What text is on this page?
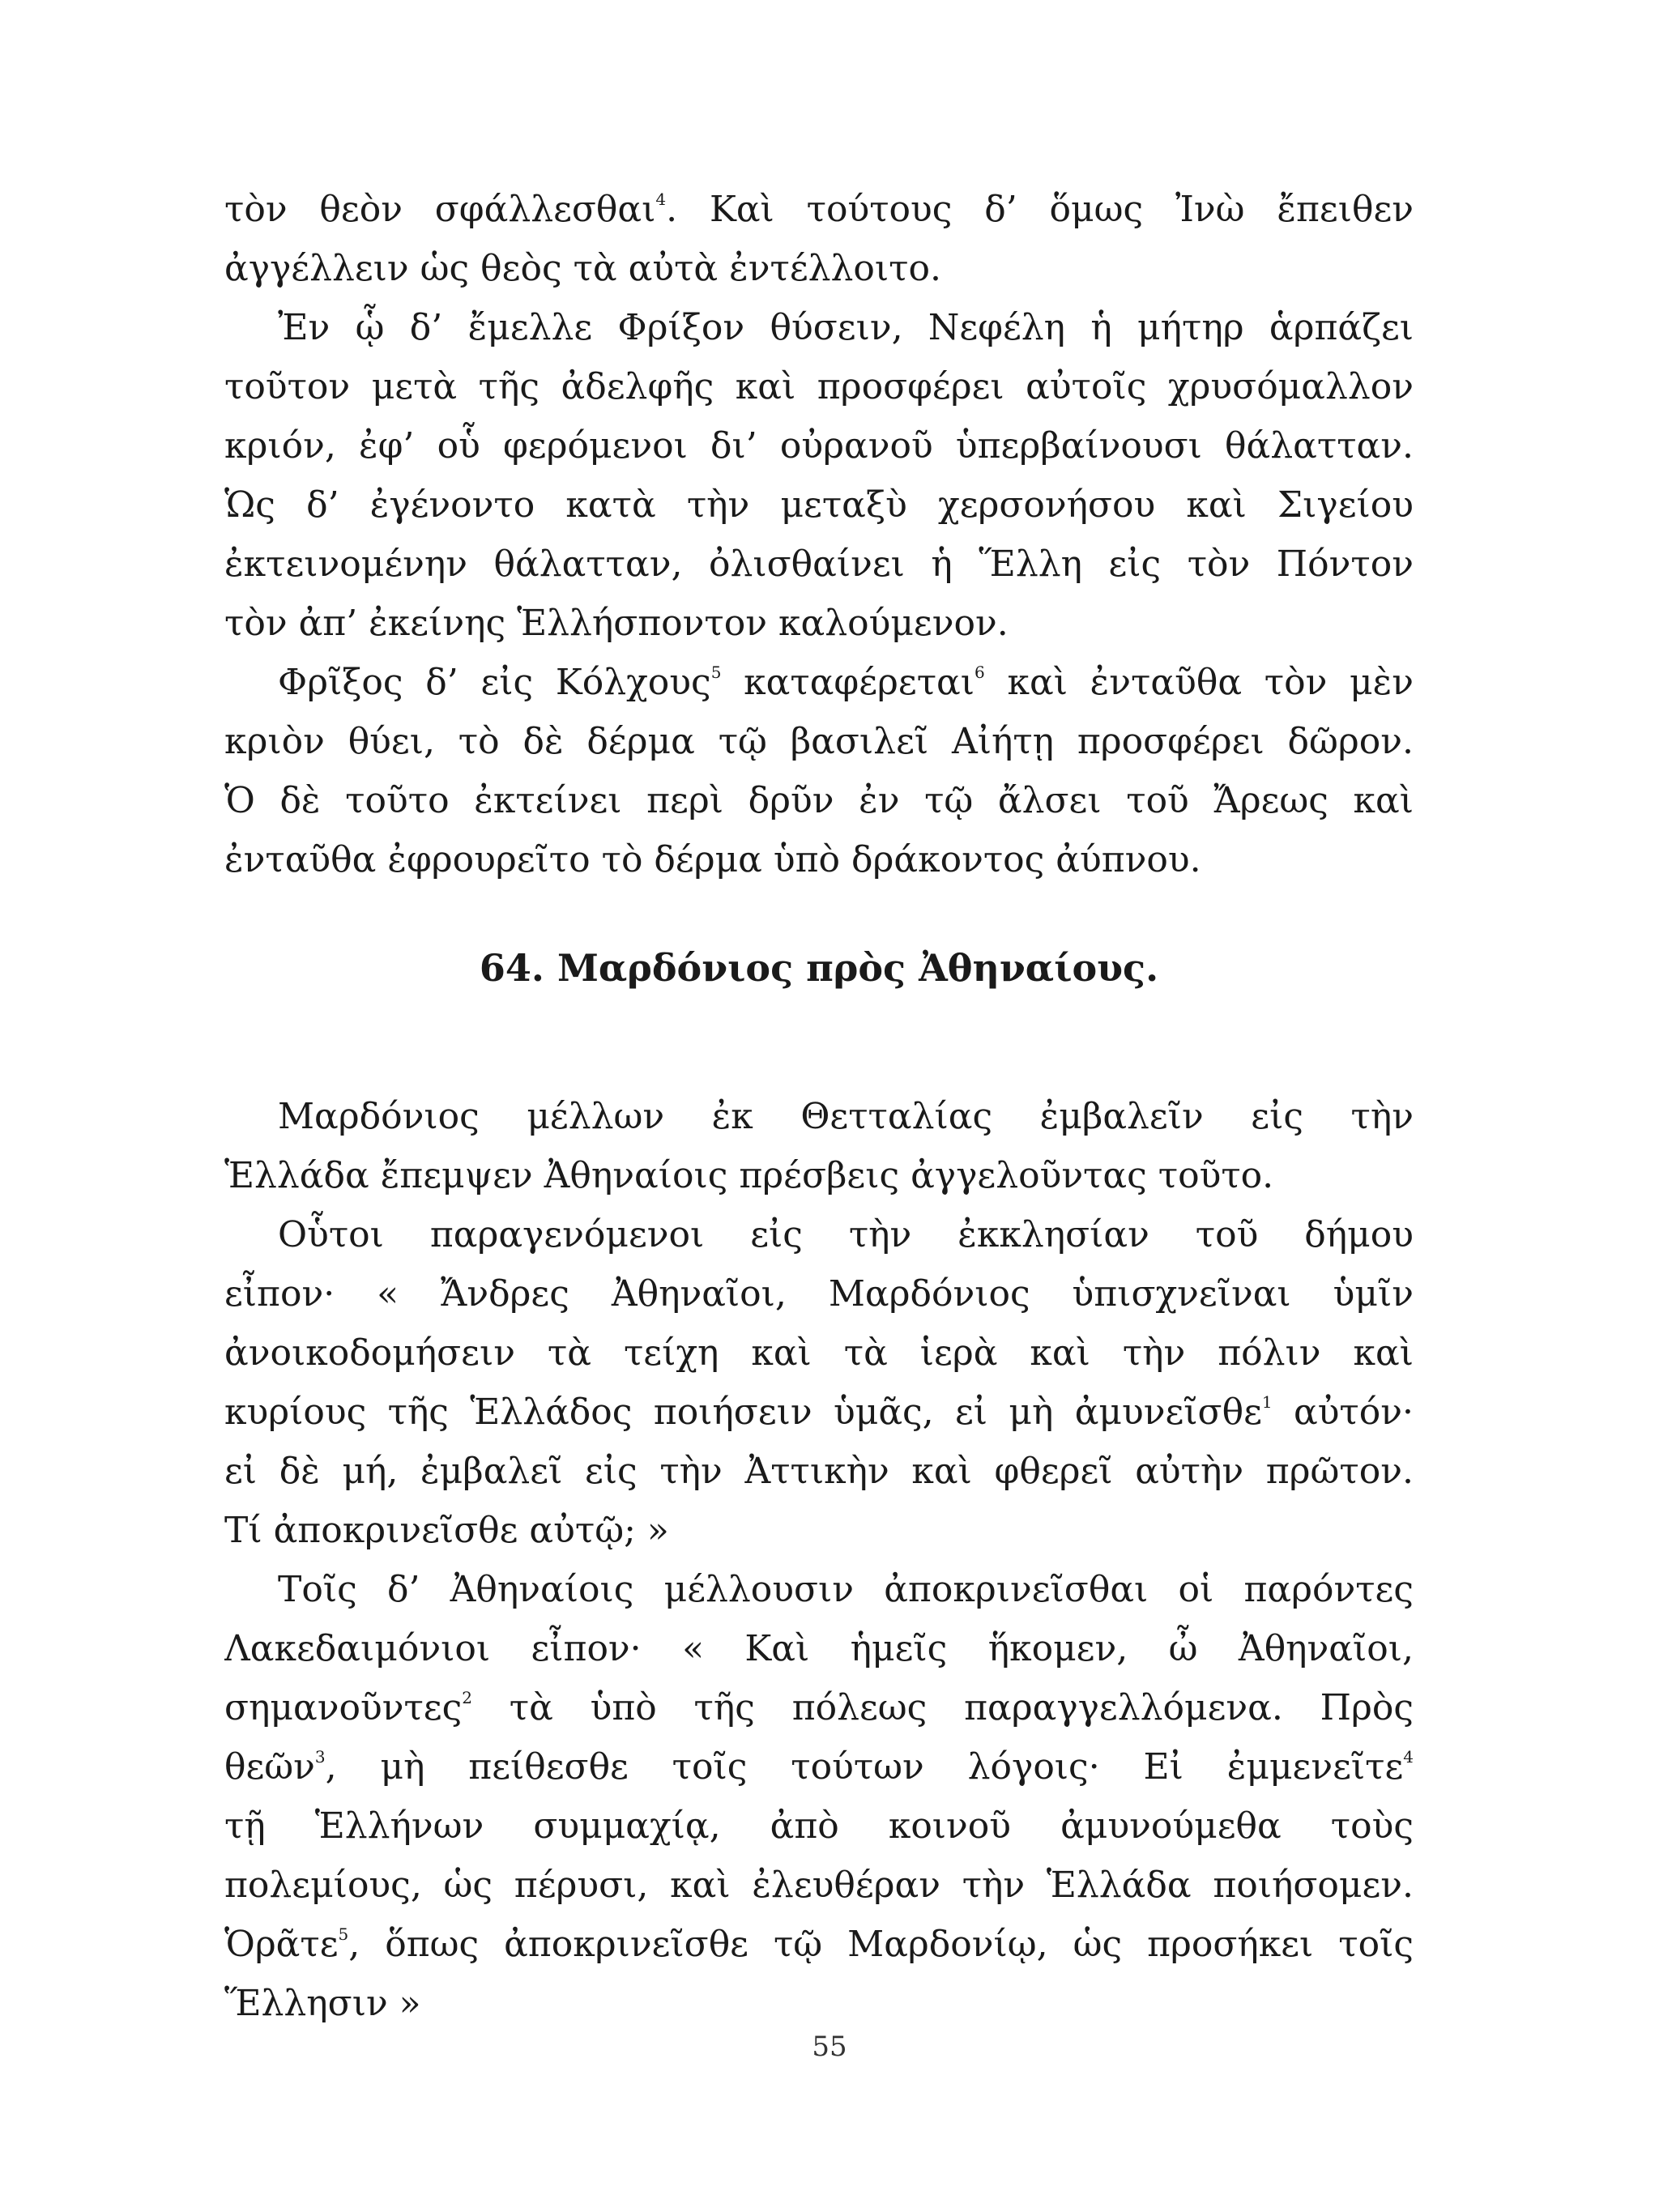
τὸν θεὸν σφάλλεσθαι$^4$. Καὶ τούτους δ’ ὅμως Ἰνὼ ἔπειθεν
ἀγγέλλειν ὡς θεὸς τὰ αὐτὰ ἐντέλλοιτο.
Ἐν ᾧ δ’ ἔμελλε Φρίξον θύσειν, Νεφέλη ἡ μήτηρ ἁρπάζει
τοῦτον μετὰ τῆς ἀδελφῆς καὶ προσφέρει αὐτοῖς χρυσόμαλλον
κριόν, ἐφ’ οὗ φερόμενοι δι’ οὐρανοῦ ὑπερβαίνουσι θάλατταν.
Ὡς δ’ ἐγένοντο κατὰ τὴν μεταξὺ χερσονήσου καὶ Σιγείου
ἐκτεινομένην θάλατταν, ὀλισθαίνει ἡ Ἕλλη εἰς τὸν Πόντον
τὸν ἀπ’ ἐκείνης Ἑλλήσποντον καλούμενον.
Φρῖξος δ’ εἰς Κόλχους$^5$ καταφέρεται$^6$ καὶ ἐνταῦθα τὸν μὲν
κριὸν θύει, τὸ δὲ δέρμα τῷ βασιλεῖ Αἰήτῃ προσφέρει δῶρον.
Ὁ δὲ τοῦτο ἐκτείνει περὶ δρῦν ἐν τῷ ἄλσει τοῦ Ἄρεως καὶ
ἐνταῦθα ἐφρουρεῖτο τὸ δέρμα ὑπὸ δράκοντος ἀύπνου.
64. Μαρδόνιος πρὸς Ἀθηναίους.
Μαρδόνιος μέλλων ἐκ Θετταλίας ἐμβαλεῖν εἰς τὴν
Ἑλλάδα ἔπεμψεν Ἀθηναίοις πρέσβεις ἀγγελοῦντας τοῦτο.
Οὗτοι παραγενόμενοι εἰς τὴν ἐκκλησίαν τοῦ δήμου
εἶπον· « Ἄνδρες Ἀθηναῖοι, Μαρδόνιος ὑπισχνεῖναι ὑμῖν
ἀνοικοδομήσειν τὰ τείχη καὶ τὰ ἱερὰ καὶ τὴν πόλιν καὶ
κυρίους τῆς Ἑλλάδος ποιήσειν ὑμᾶς, εἰ μὴ ἀμυνεῖσθε$^1$ αὐτόν·
εἰ δὲ μή, ἐμβαλεῖ εἰς τὴν Ἀττικὴν καὶ φθερεῖ αὐτὴν πρῶτον.
Τί ἀποκρινεῖσθε αὐτῷ; »
Τοῖς δ’ Ἀθηναίοις μέλλουσιν ἀποκρινεῖσθαι οἱ παρόντες
Λακεδαιμόνιοι εἶπον· « Καὶ ἡμεῖς ἥκομεν, ὦ Ἀθηναῖοι,
σημανοῦντες$^2$ τὰ ὑπὸ τῆς πόλεως παραγγελλόμενα. Πρὸς
θεῶν$^3$, μὴ πείθεσθε τοῖς τούτων λόγοις· Εἰ ἐμμενεῖτε$^4$
τῇ Ἑλλήνων συμμαχίᾳ, ἀπὸ κοινοῦ ἀμυνούμεθα τοὺς
πολεμίους, ὡς πέρυσι, καὶ ἐλευθέραν τὴν Ἑλλάδα ποιήσομεν.
Ὁρᾶτε$^5$, ὅπως ἀποκρινεῖσθε τῷ Μαρδονίῳ, ὡς προσήκει τοῖς
Ἕλλησιν »
55
